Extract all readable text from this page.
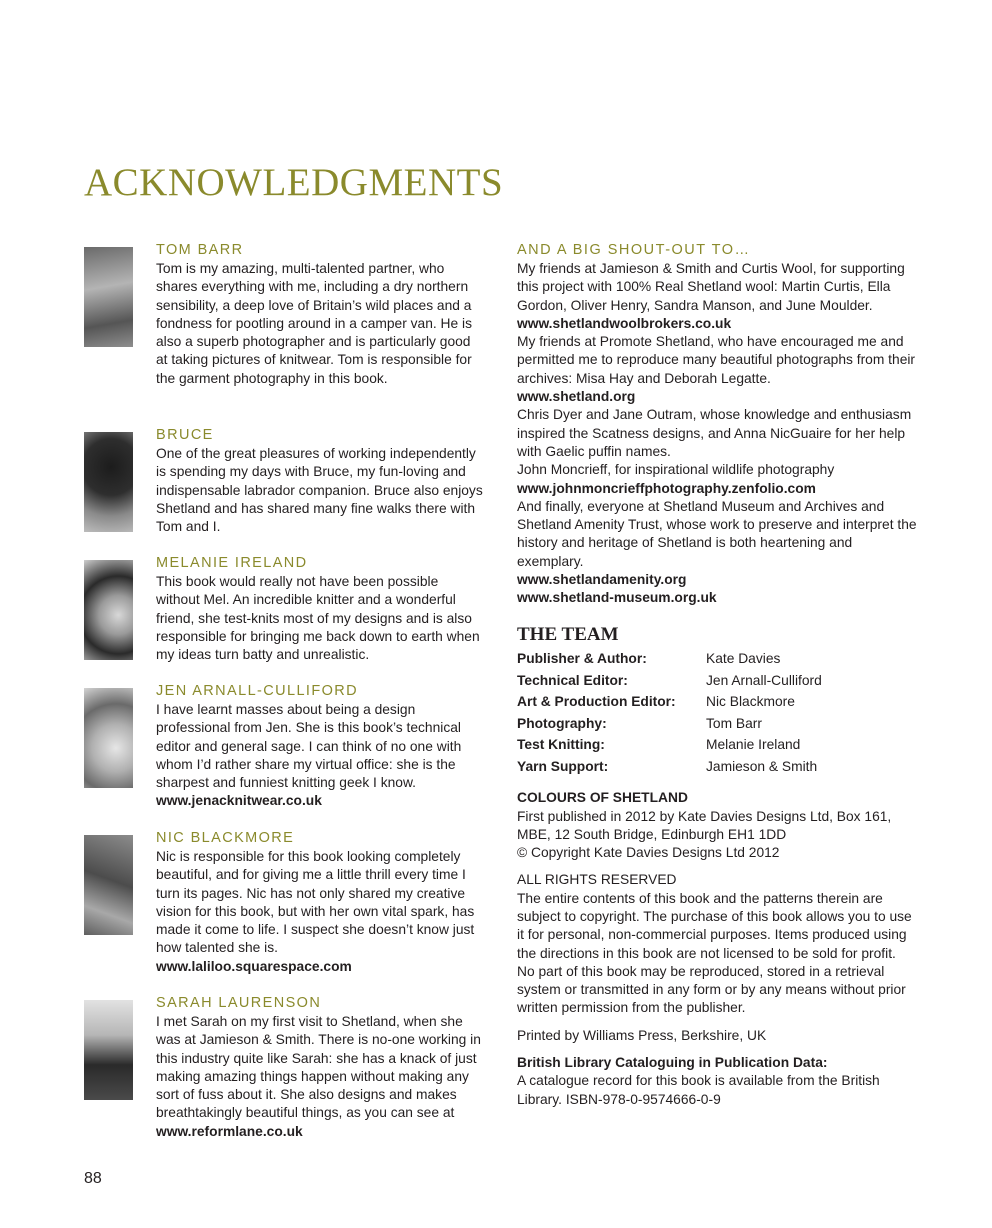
ACKNOWLEDGMENTS
TOM BARR

Tom is my amazing, multi-talented partner, who shares everything with me, including a dry northern sensibility, a deep love of Britain’s wild places and a fondness for pootling around in a camper van. He is also a superb photographer and is particularly good at taking pictures of knitwear. Tom is responsible for the garment photography in this book.

BRUCE

One of the great pleasures of working independently is spending my days with Bruce, my fun-loving and indispensable labrador companion. Bruce also enjoys Shetland and has shared many fine walks there with Tom and I.

MELANIE IRELAND

This book would really not have been possible without Mel. An incredible knitter and a wonderful friend, she test-knits most of my designs and is also responsible for bringing me back down to earth when my ideas turn batty and unrealistic.

JEN ARNALL-CULLIFORD

I have learnt masses about being a design professional from Jen. She is this book’s technical editor and general sage. I can think of no one with whom I’d rather share my virtual office: she is the sharpest and funniest knitting geek I know.

www.jenacknitwear.co.uk

NIC BLACKMORE

Nic is responsible for this book looking completely beautiful, and for giving me a little thrill every time I turn its pages. Nic has not only shared my creative vision for this book, but with her own vital spark, has made it come to life. I suspect she doesn’t know just how talented she is.

www.laliloo.squarespace.com

SARAH LAURENSON

I met Sarah on my first visit to Shetland, when she was at Jamieson & Smith. There is no-one working in this industry quite like Sarah: she has a knack of just making amazing things happen without making any sort of fuss about it. She also designs and makes breathtakingly beautiful things, as you can see at www.reformlane.co.uk

AND A BIG SHOUT-OUT TO…

My friends at Jamieson & Smith and Curtis Wool, for supporting this project with 100% Real Shetland wool: Martin Curtis, Ella Gordon, Oliver Henry, Sandra Manson, and June Moulder. www.shetlandwoolbrokers.co.uk

My friends at Promote Shetland, who have encouraged me and permitted me to reproduce many beautiful photographs from their archives: Misa Hay and Deborah Legatte.

www.shetland.org

Chris Dyer and Jane Outram, whose knowledge and enthusiasm inspired the Scatness designs, and Anna NicGuaire for her help with Gaelic puffin names.

John Moncrieff, for inspirational wildlife photography

www.johnmoncrieffphotography.zenfolio.com

And finally, everyone at Shetland Museum and Archives and Shetland Amenity Trust, whose work to preserve and interpret the history and heritage of Shetland is both heartening and exemplary.

www.shetlandamenity.org

www.shetland-museum.org.uk

THE TEAM
Publisher & Author:	Kate Davies
Technical Editor:	Jen Arnall-Culliford
Art & Production Editor:	Nic Blackmore
Photography:	Tom Barr
Test Knitting:	Melanie Ireland
Yarn Support:	Jamieson & Smith

COLOURS OF SHETLAND

First published in 2012 by Kate Davies Designs Ltd, Box 161, MBE, 12 South Bridge, Edinburgh EH1 1DD

© Copyright Kate Davies Designs Ltd 2012

ALL RIGHTS RESERVED

The entire contents of this book and the patterns therein are subject to copyright. The purchase of this book allows you to use it for personal, non-commercial purposes. Items produced using the directions in this book are not licensed to be sold for profit.

No part of this book may be reproduced, stored in a retrieval system or transmitted in any form or by any means without prior written permission from the publisher.

Printed by Williams Press, Berkshire, UK

British Library Cataloguing in Publication Data:

A catalogue record for this book is available from the British Library. ISBN-978-0-9574666-0-9

88
